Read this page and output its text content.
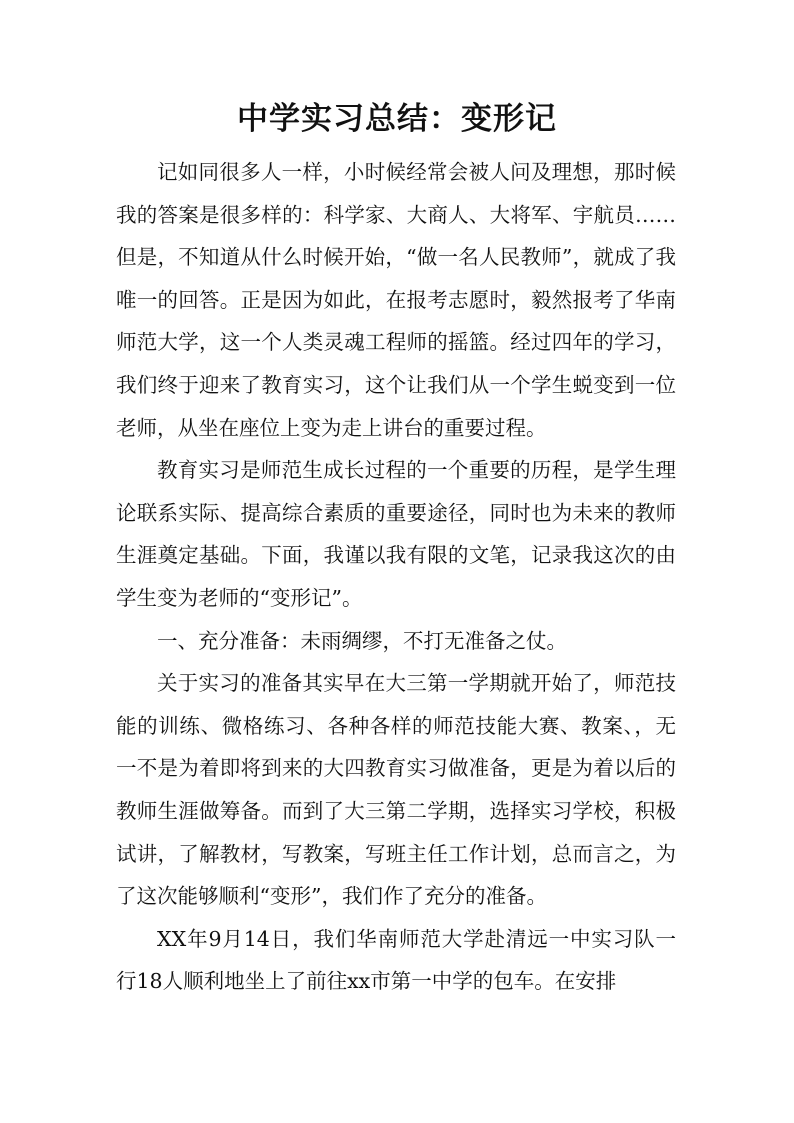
中学实习总结：变形记

记如同很多人一样，小时候经常会被人问及理想，那时候我的答案是很多样的：科学家、大商人、大将军、宇航员……但是，不知道从什么时候开始，“做一名人民教师”，就成了我唯一的回答。正是因为如此，在报考志愿时，毅然报考了华南师范大学，这一个人类灵魂工程师的摇篮。经过四年的学习，我们终于迎来了教育实习，这个让我们从一个学生蜕变到一位老师，从坐在座位上变为走上讲台的重要过程。

教育实习是师范生成长过程的一个重要的历程，是学生理论联系实际、提高综合素质的重要途径，同时也为未来的教师生涯奠定基础。下面，我谨以我有限的文笔，记录我这次的由学生变为老师的“变形记”。

一、充分准备：未雨绸缪，不打无准备之仗。

关于实习的准备其实早在大三第一学期就开始了，师范技能的训练、微格练习、各种各样的师范技能大赛、教案、，无一不是为着即将到来的大四教育实习做准备，更是为着以后的教师生涯做筹备。而到了大三第二学期，选择实习学校，积极试讲，了解教材，写教案，写班主任工作计划，总而言之，为了这次能够顺利“变形”，我们作了充分的准备。

XX年9月14日，我们华南师范大学赴清远一中实习队一行18人顺利地坐上了前往xx市第一中学的包车。在安排
